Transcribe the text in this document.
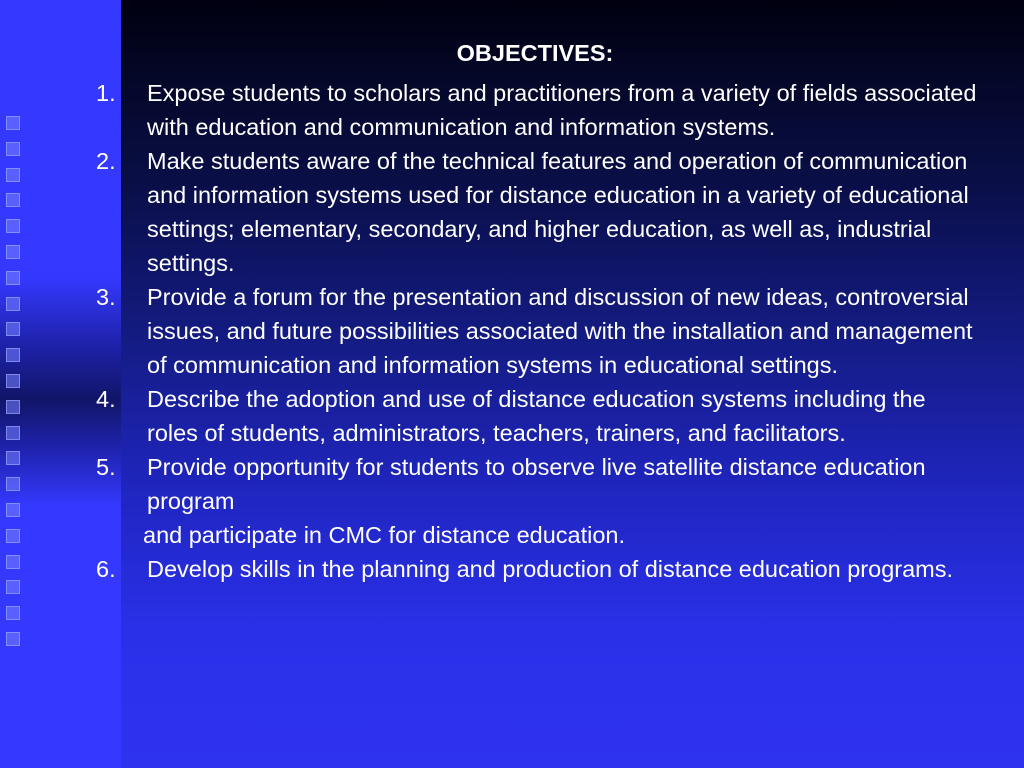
OBJECTIVES:
1. Expose students to scholars and practitioners from a variety of fields associated with education and communication and information systems.
2. Make students aware of the technical features and operation of communication and information systems used for distance education in a variety of educational settings; elementary, secondary, and higher education, as well as, industrial settings.
3. Provide a forum for the presentation and discussion of new ideas, controversial issues, and future possibilities associated with the installation and management of communication and information systems in educational settings.
4. Describe the adoption and use of distance education systems including the roles of students, administrators, teachers, trainers, and facilitators.
5. Provide opportunity for students to observe live satellite distance education program
and participate in CMC for distance education.
6. Develop skills in the planning and production of distance education programs.
